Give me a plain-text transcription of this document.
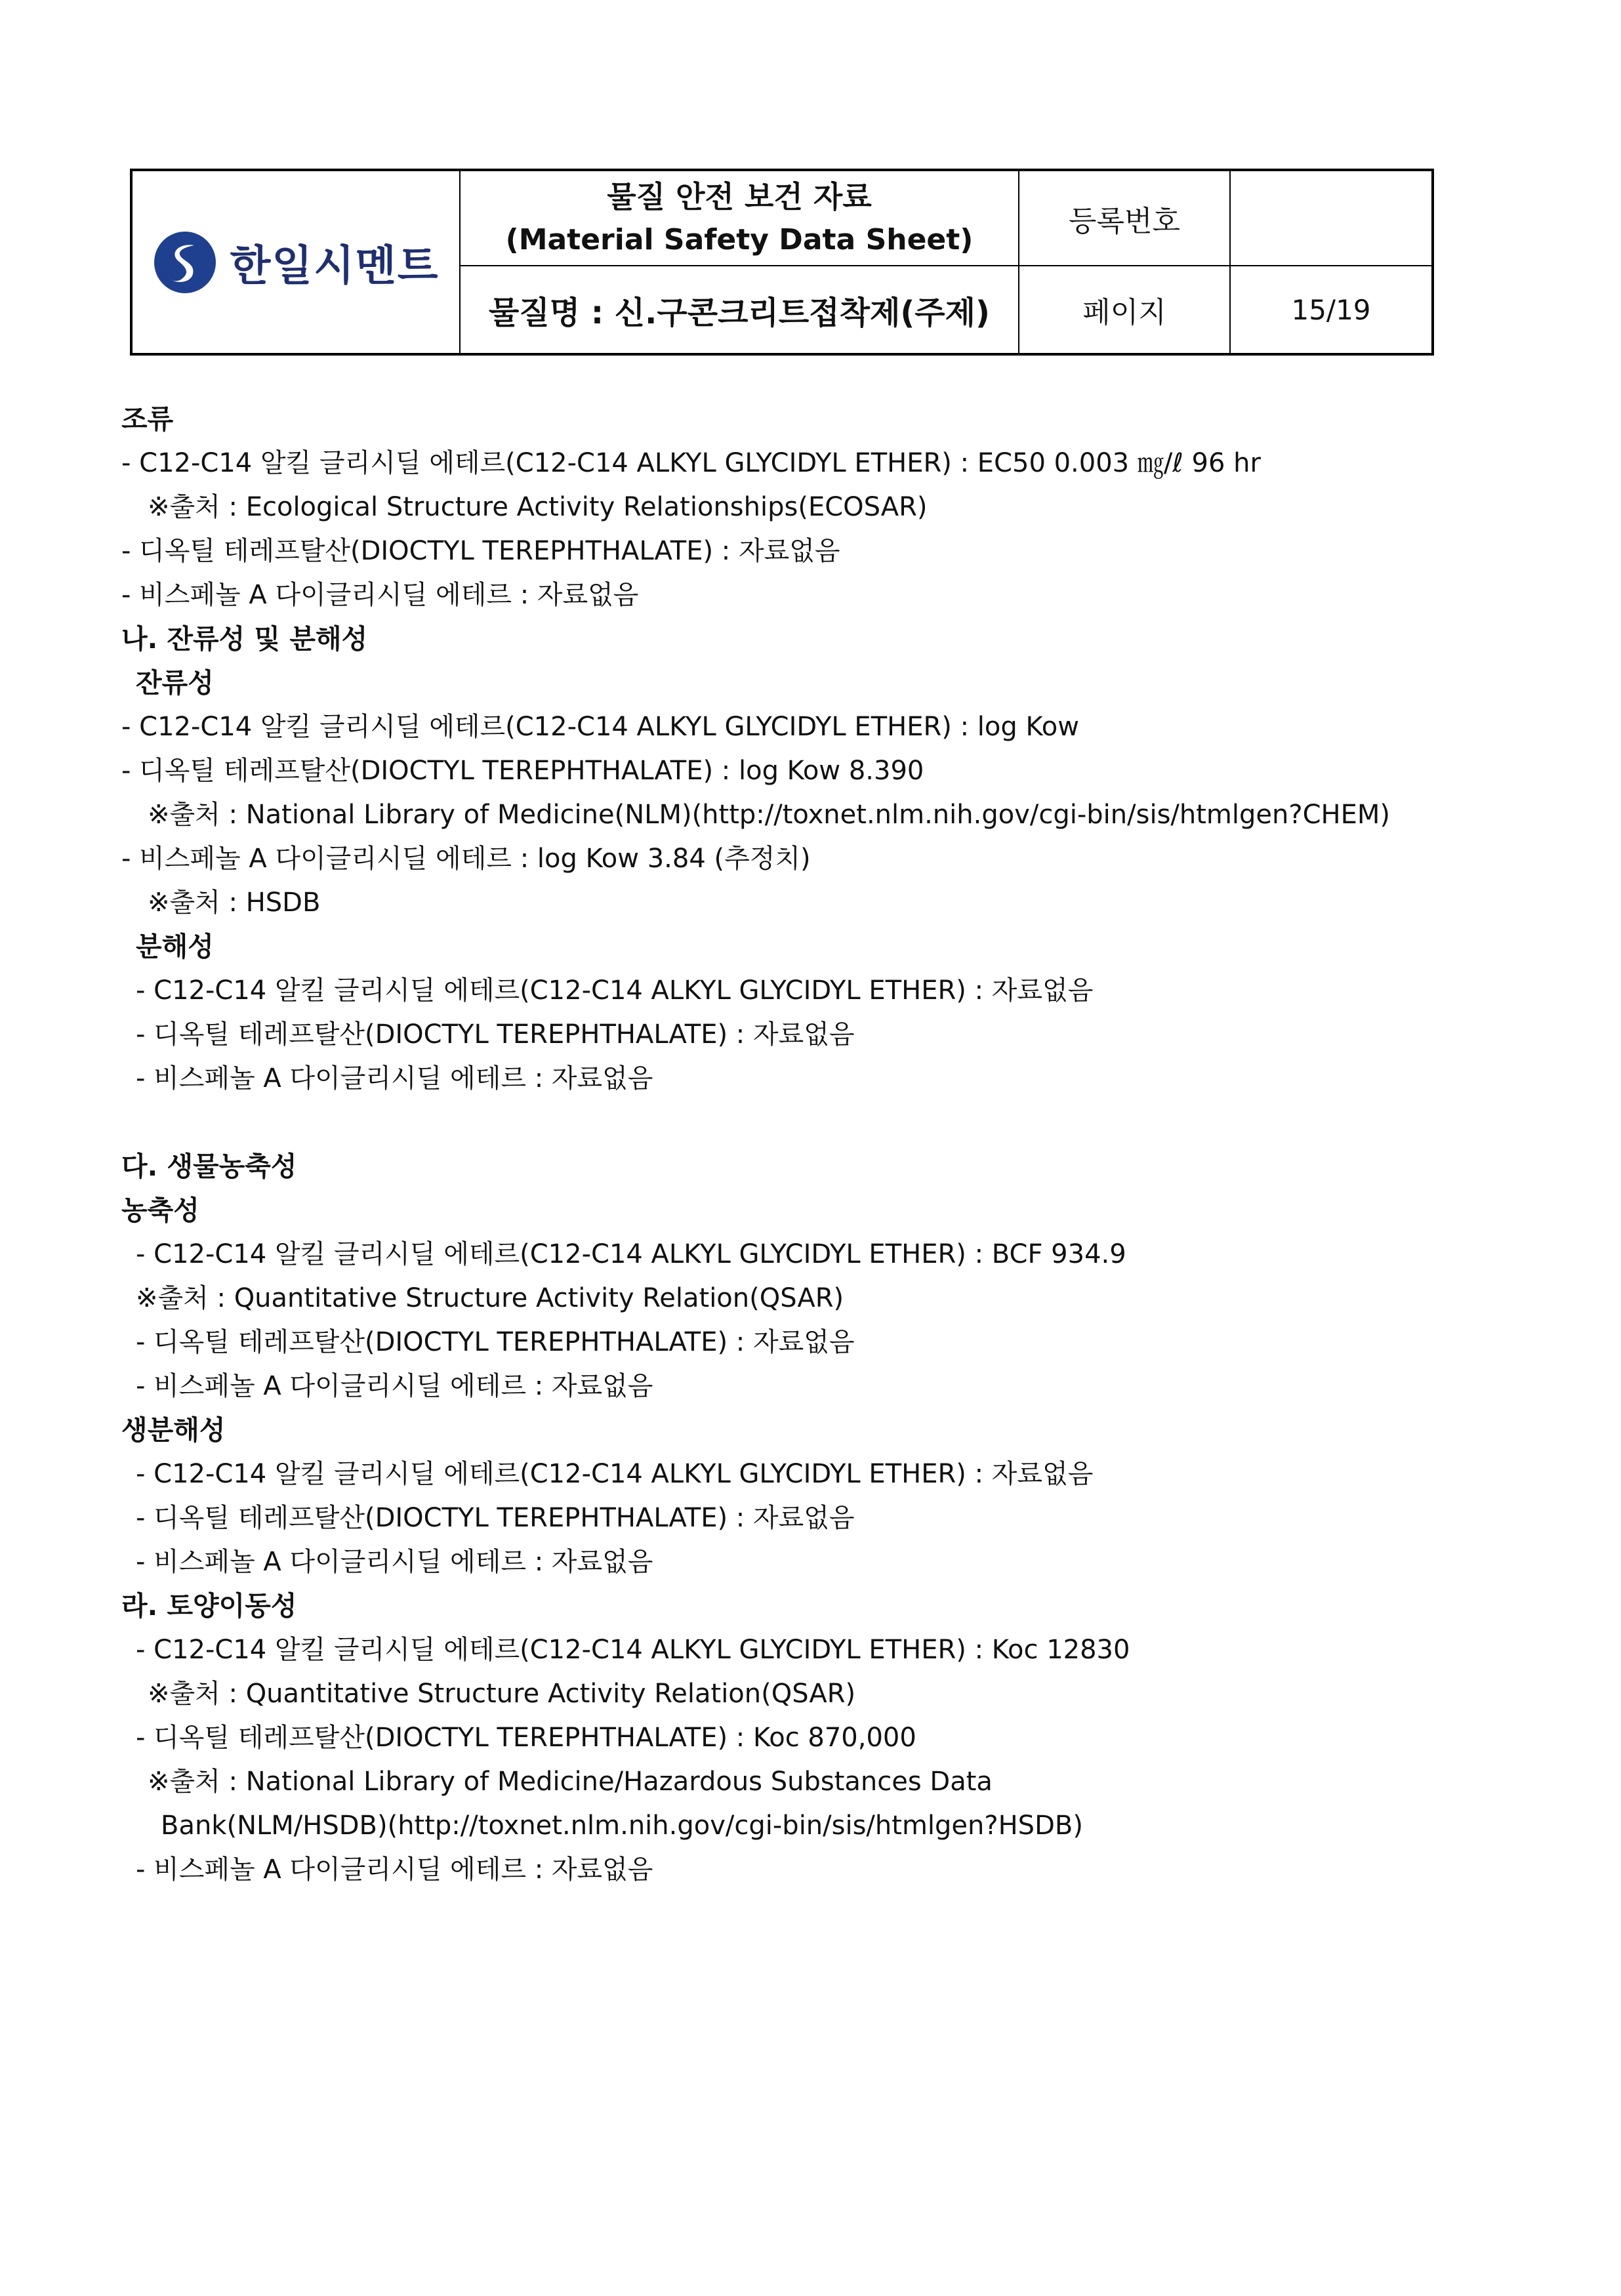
한일시멘트
물질 안전 보건 자료
(Material Safety Data Sheet)
물질명 : 신.구콘크리트접착제(주제)
등록번호
페이지	15/19
조류
- C12-C14 알킬 글리시딜 에테르(C12-C14 ALKYL GLYCIDYL ETHER) : EC50 0.003 ㎎/ℓ 96 hr
※출처 : Ecological Structure Activity Relationships(ECOSAR)
- 디옥틸 테레프탈산(DIOCTYL TEREPHTHALATE) : 자료없음
- 비스페놀 A 다이글리시딜 에테르 : 자료없음
나. 잔류성 및 분해성
잔류성
- C12-C14 알킬 글리시딜 에테르(C12-C14 ALKYL GLYCIDYL ETHER) : log Kow
- 디옥틸 테레프탈산(DIOCTYL TEREPHTHALATE) : log Kow 8.390
※출처 : National Library of Medicine(NLM)(http://toxnet.nlm.nih.gov/cgi-bin/sis/htmlgen?CHEM)
- 비스페놀 A 다이글리시딜 에테르 : log Kow 3.84 (추정치)
※출처 : HSDB
분해성
- C12-C14 알킬 글리시딜 에테르(C12-C14 ALKYL GLYCIDYL ETHER) : 자료없음
- 디옥틸 테레프탈산(DIOCTYL TEREPHTHALATE) : 자료없음
- 비스페놀 A 다이글리시딜 에테르 : 자료없음
다. 생물농축성
농축성
- C12-C14 알킬 글리시딜 에테르(C12-C14 ALKYL GLYCIDYL ETHER) : BCF 934.9
※출처 : Quantitative Structure Activity Relation(QSAR)
- 디옥틸 테레프탈산(DIOCTYL TEREPHTHALATE) : 자료없음
- 비스페놀 A 다이글리시딜 에테르 : 자료없음
생분해성
- C12-C14 알킬 글리시딜 에테르(C12-C14 ALKYL GLYCIDYL ETHER) : 자료없음
- 디옥틸 테레프탈산(DIOCTYL TEREPHTHALATE) : 자료없음
- 비스페놀 A 다이글리시딜 에테르 : 자료없음
라. 토양이동성
- C12-C14 알킬 글리시딜 에테르(C12-C14 ALKYL GLYCIDYL ETHER) : Koc 12830
※출처 : Quantitative Structure Activity Relation(QSAR)
- 디옥틸 테레프탈산(DIOCTYL TEREPHTHALATE) : Koc 870,000
※출처 : National Library of Medicine/Hazardous Substances Data
Bank(NLM/HSDB)(http://toxnet.nlm.nih.gov/cgi-bin/sis/htmlgen?HSDB)
- 비스페놀 A 다이글리시딜 에테르 : 자료없음
